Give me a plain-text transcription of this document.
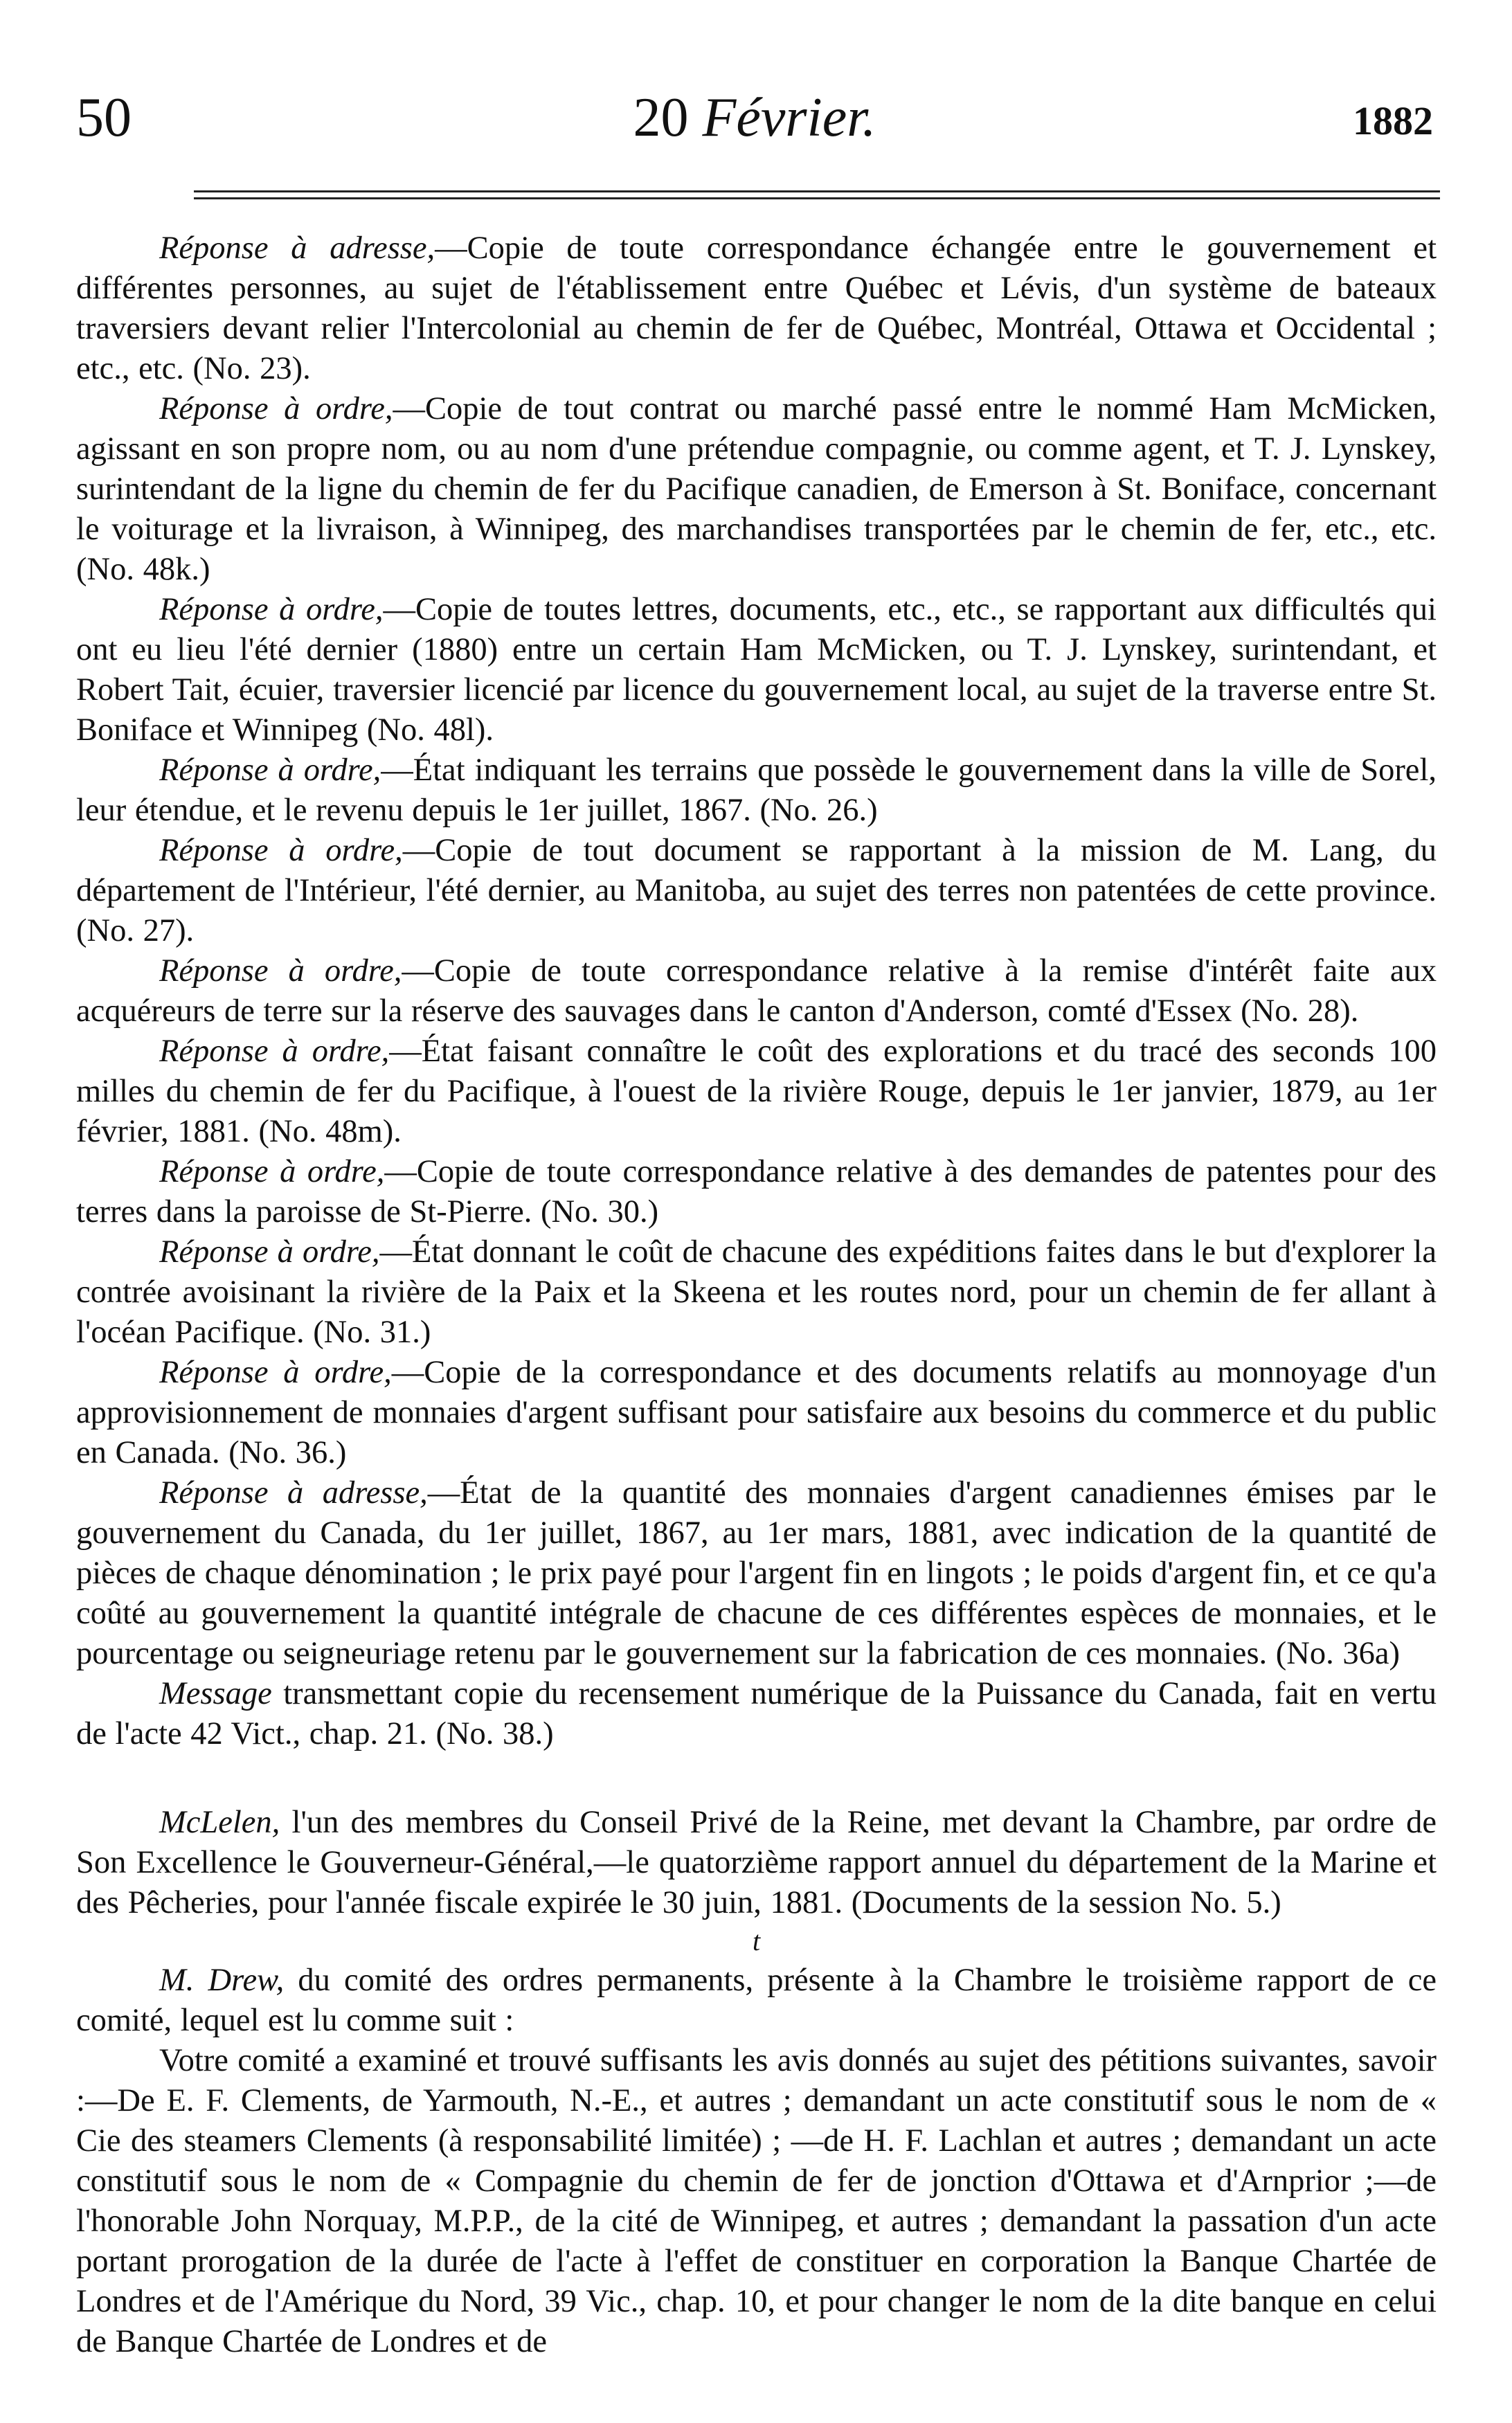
50	20 Février.	1882

Réponse à adresse,—Copie de toute correspondance échangée entre le gouvernement et différentes personnes, au sujet de l'établissement entre Québec et Lévis, d'un système de bateaux traversiers devant relier l'Intercolonial au chemin de fer de Québec, Montréal, Ottawa et Occidental ; etc., etc. (No. 23).

Réponse à ordre,—Copie de tout contrat ou marché passé entre le nommé Ham McMicken, agissant en son propre nom, ou au nom d'une prétendue compagnie, ou comme agent, et T. J. Lynskey, surintendant de la ligne du chemin de fer du Pacifique canadien, de Emerson à St. Boniface, concernant le voiturage et la livraison, à Winnipeg, des marchandises transportées par le chemin de fer, etc., etc. (No. 48k.)

Réponse à ordre,—Copie de toutes lettres, documents, etc., etc., se rapportant aux difficultés qui ont eu lieu l'été dernier (1880) entre un certain Ham McMicken, ou T. J. Lynskey, surintendant, et Robert Tait, écuier, traversier licencié par licence du gouvernement local, au sujet de la traverse entre St. Boniface et Winnipeg (No. 48l).

Réponse à ordre,—État indiquant les terrains que possède le gouvernement dans la ville de Sorel, leur étendue, et le revenu depuis le 1er juillet, 1867. (No. 26.)

Réponse à ordre,—Copie de tout document se rapportant à la mission de M. Lang, du département de l'Intérieur, l'été dernier, au Manitoba, au sujet des terres non patentées de cette province. (No. 27).

Réponse à ordre,—Copie de toute correspondance relative à la remise d'intérêt faite aux acquéreurs de terre sur la réserve des sauvages dans le canton d'Anderson, comté d'Essex (No. 28).

Réponse à ordre,—État faisant connaître le coût des explorations et du tracé des seconds 100 milles du chemin de fer du Pacifique, à l'ouest de la rivière Rouge, depuis le 1er janvier, 1879, au 1er février, 1881. (No. 48m).

Réponse à ordre,—Copie de toute correspondance relative à des demandes de patentes pour des terres dans la paroisse de St-Pierre. (No. 30.)

Réponse à ordre,—État donnant le coût de chacune des expéditions faites dans le but d'explorer la contrée avoisinant la rivière de la Paix et la Skeena et les routes nord, pour un chemin de fer allant à l'océan Pacifique. (No. 31.)

Réponse à ordre,—Copie de la correspondance et des documents relatifs au monnoyage d'un approvisionnement de monnaies d'argent suffisant pour satisfaire aux besoins du commerce et du public en Canada. (No. 36.)

Réponse à adresse,—État de la quantité des monnaies d'argent canadiennes émises par le gouvernement du Canada, du 1er juillet, 1867, au 1er mars, 1881, avec indication de la quantité de pièces de chaque dénomination ; le prix payé pour l'argent fin en lingots ; le poids d'argent fin, et ce qu'a coûté au gouvernement la quantité intégrale de chacune de ces différentes espèces de monnaies, et le pourcentage ou seigneuriage retenu par le gouvernement sur la fabrication de ces monnaies. (No. 36a)

Message transmettant copie du recensement numérique de la Puissance du Canada, fait en vertu de l'acte 42 Vict., chap. 21. (No. 38.)

McLelen, l'un des membres du Conseil Privé de la Reine, met devant la Chambre, par ordre de Son Excellence le Gouverneur-Général,—le quatorzième rapport annuel du département de la Marine et des Pêcheries, pour l'année fiscale expirée le 30 juin, 1881. (Documents de la session No. 5.)

t

M. Drew, du comité des ordres permanents, présente à la Chambre le troisième rapport de ce comité, lequel est lu comme suit :

Votre comité a examiné et trouvé suffisants les avis donnés au sujet des pétitions suivantes, savoir :—De E. F. Clements, de Yarmouth, N.-E., et autres ; demandant un acte constitutif sous le nom de « Cie des steamers Clements (à responsabilité limitée) ; —de H. F. Lachlan et autres ; demandant un acte constitutif sous le nom de « Compagnie du chemin de fer de jonction d'Ottawa et d'Arnprior ;—de l'honorable John Norquay, M.P.P., de la cité de Winnipeg, et autres ; demandant la passation d'un acte portant prorogation de la durée de l'acte à l'effet de constituer en corporation la Banque Chartée de Londres et de l'Amérique du Nord, 39 Vic., chap. 10, et pour changer le nom de la dite banque en celui de Banque Chartée de Londres et de
